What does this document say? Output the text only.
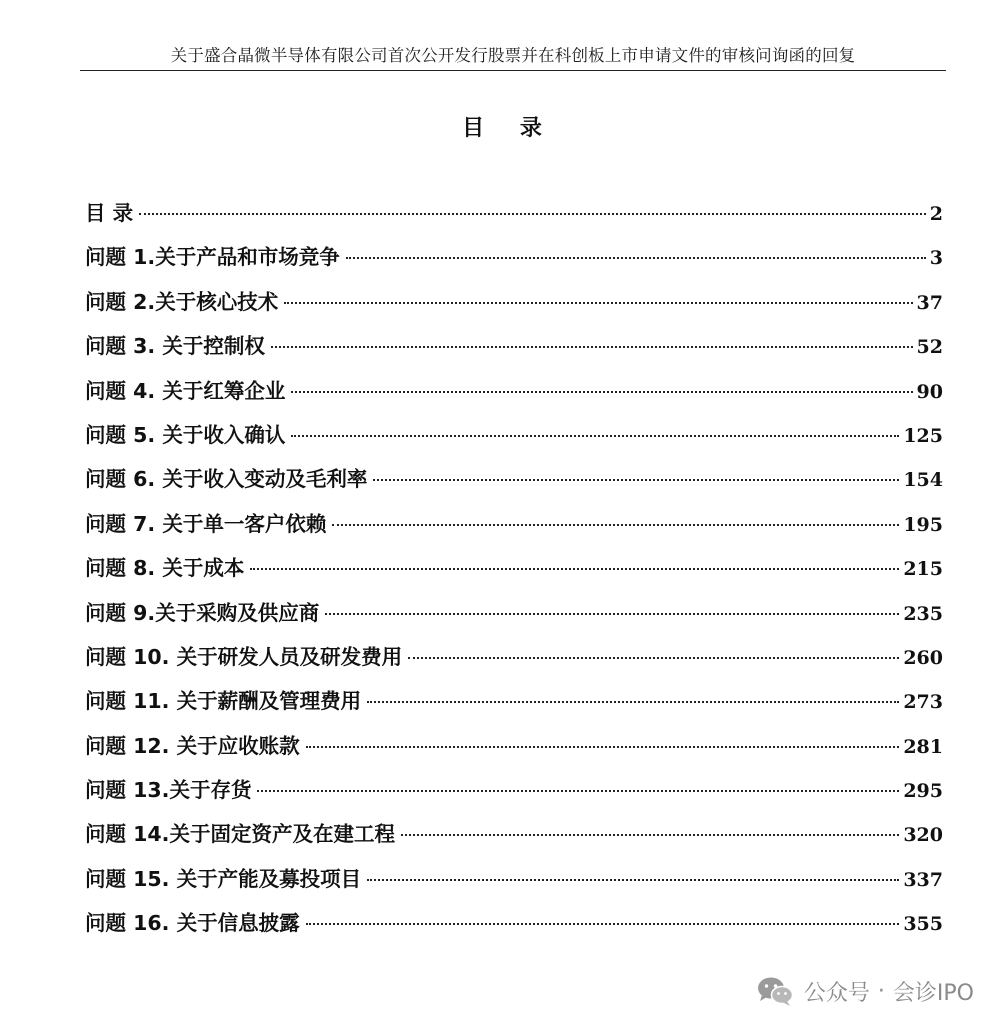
关于盛合晶微半导体有限公司首次公开发行股票并在科创板上市申请文件的审核问询函的回复
目 录
目 录	2
问题 1.关于产品和市场竞争	3
问题 2.关于核心技术	37
问题 3. 关于控制权	52
问题 4. 关于红筹企业	90
问题 5. 关于收入确认	125
问题 6. 关于收入变动及毛利率	154
问题 7. 关于单一客户依赖	195
问题 8. 关于成本	215
问题 9.关于采购及供应商	235
问题 10. 关于研发人员及研发费用	260
问题 11. 关于薪酬及管理费用	273
问题 12. 关于应收账款	281
问题 13.关于存货	295
问题 14.关于固定资产及在建工程	320
问题 15. 关于产能及募投项目	337
问题 16. 关于信息披露	355
公众号 · 会诊IPO
